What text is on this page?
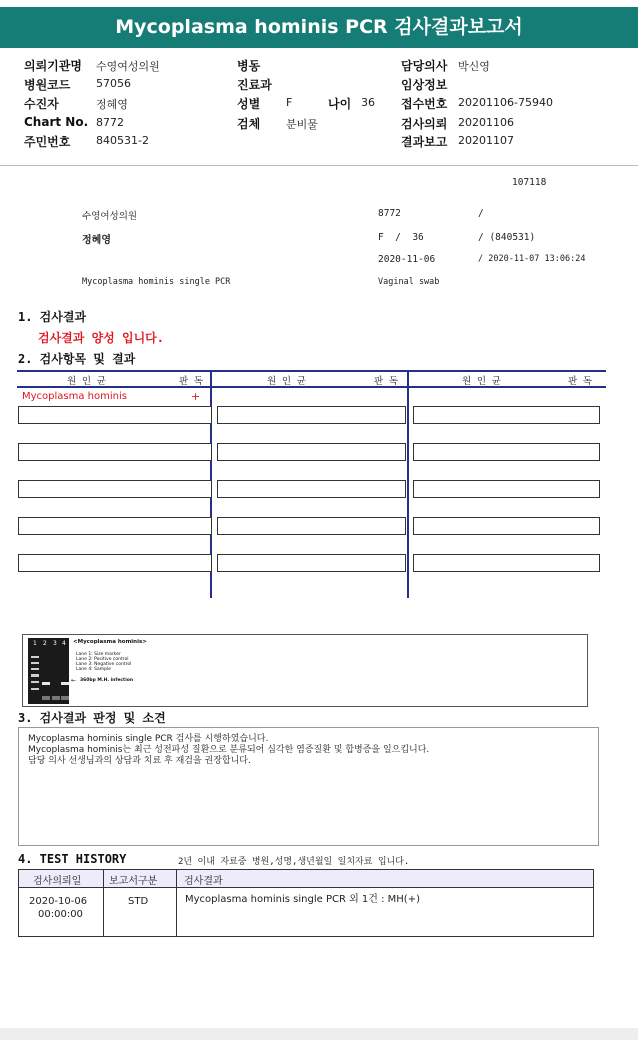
Mycoplasma hominis PCR 검사결과보고서
의뢰기관명 수영여성의원
병원코드 57056
수진자	정혜영
Chart No. 8772
주민번호 840531-2
병동
진료과
성별 F	나이 36
검체 분비물
담당의사 박신영
임상정보
접수번호 20201106-75940
검사의뢰 20201106
결과보고 20201107
107118
수영여성의원	8772	/
정혜영	F  /  36	/ (840531)
2020-11-06	/ 2020-11-07 13:06:24
Mycoplasma hominis single PCR	Vaginal swab
1. 검사결과
검사결과 양성 입니다.
2. 검사항목 및 결과
원 인 균	판 독	원 인 균	판 독	원 인 균	판 독
Mycoplasma hominis	+
1 2 3 4 <Mycoplasma hominis>
Lane 1: Size marker
Lane 2: Positive control
Lane 3: Negative control
Lane 4: Sample
← 360bp M.H. infection
3. 검사결과 판정 및 소견
Mycoplasma hominis single PCR 검사를 시행하였습니다.
Mycoplasma hominis는 최근 성전파성 질환으로 분류되어 심각한 염증질환 및 합병증을 일으킵니다.
담당 의사 선생님과의 상담과 치료 후 재검을 권장합니다.
4. TEST HISTORY	2년 이내 자료중 병원,성명,생년월일 일치자료 입니다.
검사의뢰일	보고서구분	검사결과
2020-10-06
00:00:00
STD	Mycoplasma hominis single PCR 외 1건 : MH(+)
